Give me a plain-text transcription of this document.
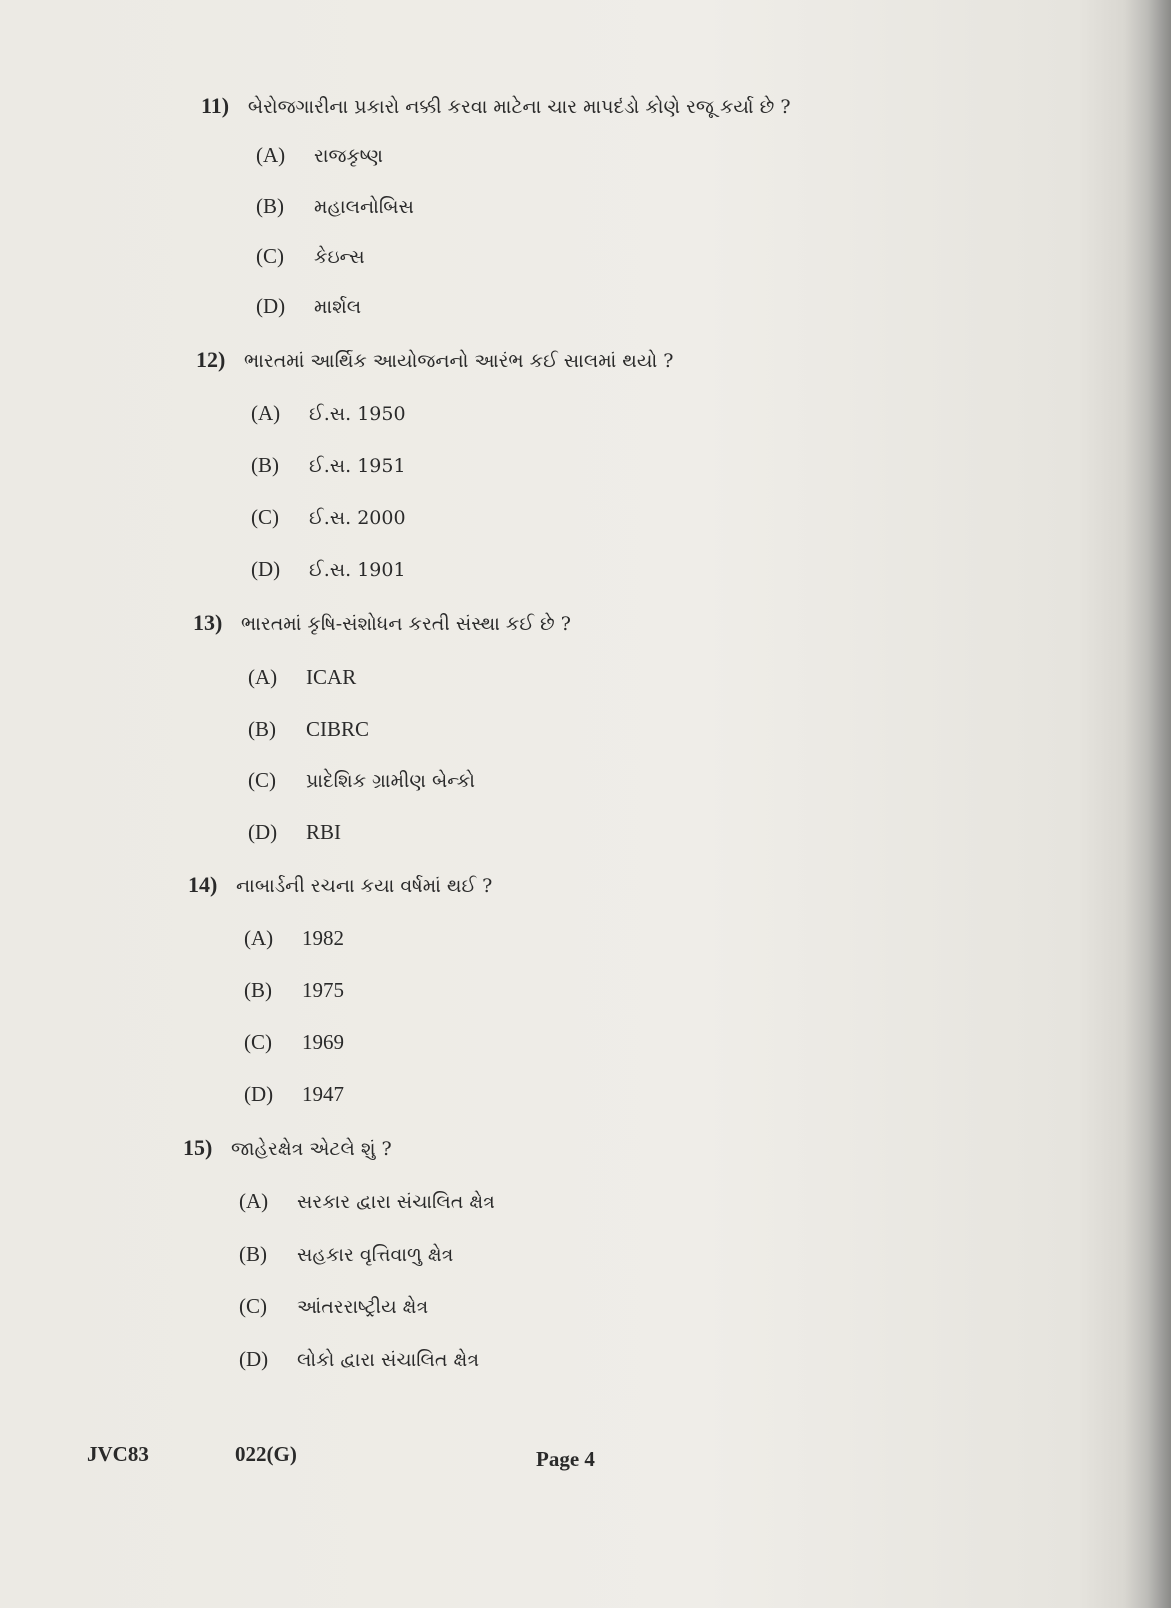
11) બેરોજગારીના પ્રકારો નક્કી કરવા માટેના ચાર માપદંડો કોણે રજૂ કર્યા છે ?
(A) રાજકૃષ્ણ
(B) મહાલનોબિસ
(C) કેઇન્સ
(D) માર્શલ
12) ભારતમાં આર્થિક આયોજનનો આરંભ કઈ સાલમાં થયો ?
(A) ઈ.સ. 1950
(B) ઈ.સ. 1951
(C) ઈ.સ. 2000
(D) ઈ.સ. 1901
13) ભારતમાં કૃષિ-સંશોધન કરતી સંસ્થા કઈ છે ?
(A) ICAR
(B) CIBRC
(C) પ્રાદેશિક ગ્રામીણ બેન્કો
(D) RBI
14) નાબાર્ડની રચના કયા વર્ષમાં થઈ ?
(A) 1982
(B) 1975
(C) 1969
(D) 1947
15) જાહેરક્ષેત્ર એટલે શું ?
(A) સરકાર દ્વારા સંચાલિત ક્ષેત્ર
(B) સહકાર વૃત્તિવાળુ ક્ષેત્ર
(C) આંતરરાષ્ટ્રીય ક્ષેત્ર
(D) લોકો દ્વારા સંચાલિત ક્ષેત્ર
JVC83	022(G)	Page 4
